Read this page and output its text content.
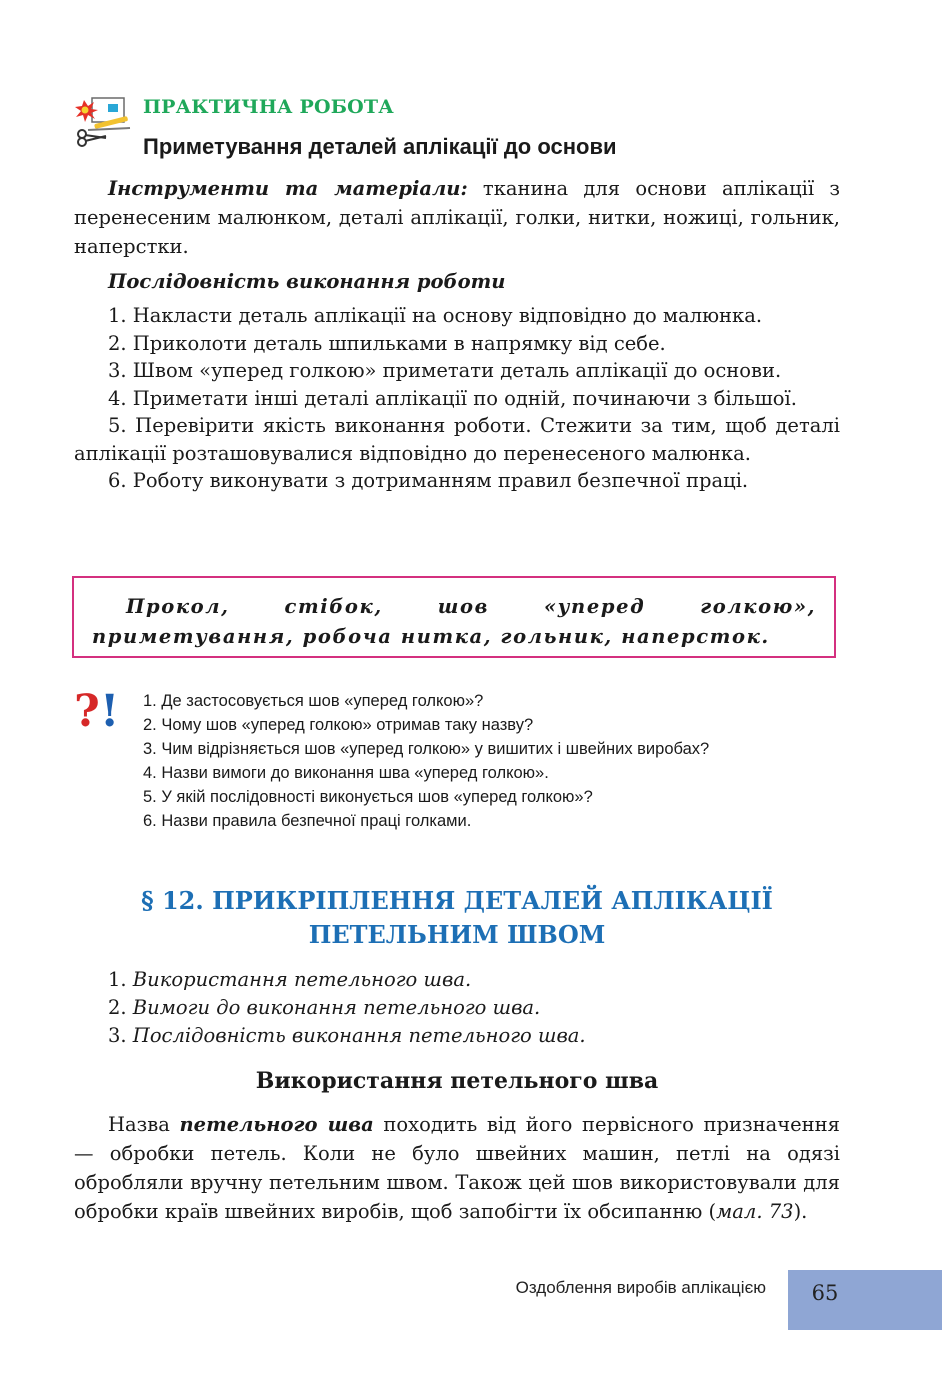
ПРАКТИЧНА РОБОТА
Приметування деталей аплікації до основи
Інструменти та матеріали: тканина для основи аплікації з перенесеним малюнком, деталі аплікації, голки, нитки, ножиці, гольник, наперстки.
Послідовність виконання роботи
1. Накласти деталь аплікації на основу відповідно до малюнка.
2. Приколоти деталь шпильками в напрямку від себе.
3. Швом «уперед голкою» приметати деталь аплікації до основи.
4. Приметати інші деталі аплікації по одній, починаючи з більшої.
5. Перевірити якість виконання роботи. Стежити за тим, щоб деталі аплікації розташовувалися відповідно до перенесеного малюнка.
6. Роботу виконувати з дотриманням правил безпечної праці.
Прокол, стібок, шов «уперед голкою», приметування, робоча нитка, гольник, наперсток.
? ! 1. Де застосовується шов «уперед голкою»?
2. Чому шов «уперед голкою» отримав таку назву?
3. Чим відрізняється шов «уперед голкою» у вишитих і швейних виробах?
4. Назви вимоги до виконання шва «уперед голкою».
5. У якій послідовності виконується шов «уперед голкою»?
6. Назви правила безпечної праці голками.
§ 12. ПРИКРІПЛЕННЯ ДЕТАЛЕЙ АПЛІКАЦІЇ
ПЕТЕЛЬНИМ ШВОМ
1. Використання петельного шва.
2. Вимоги до виконання петельного шва.
3. Послідовність виконання петельного шва.
Використання петельного шва
Назва петельного шва походить від його первісного призначення — обробки петель. Коли не було швейних машин, петлі на одязі обробляли вручну петельним швом. Також цей шов використовували для обробки країв швейних виробів, щоб запобігти їх обсипанню (мал. 73).
Оздоблення виробів аплікацією	65
